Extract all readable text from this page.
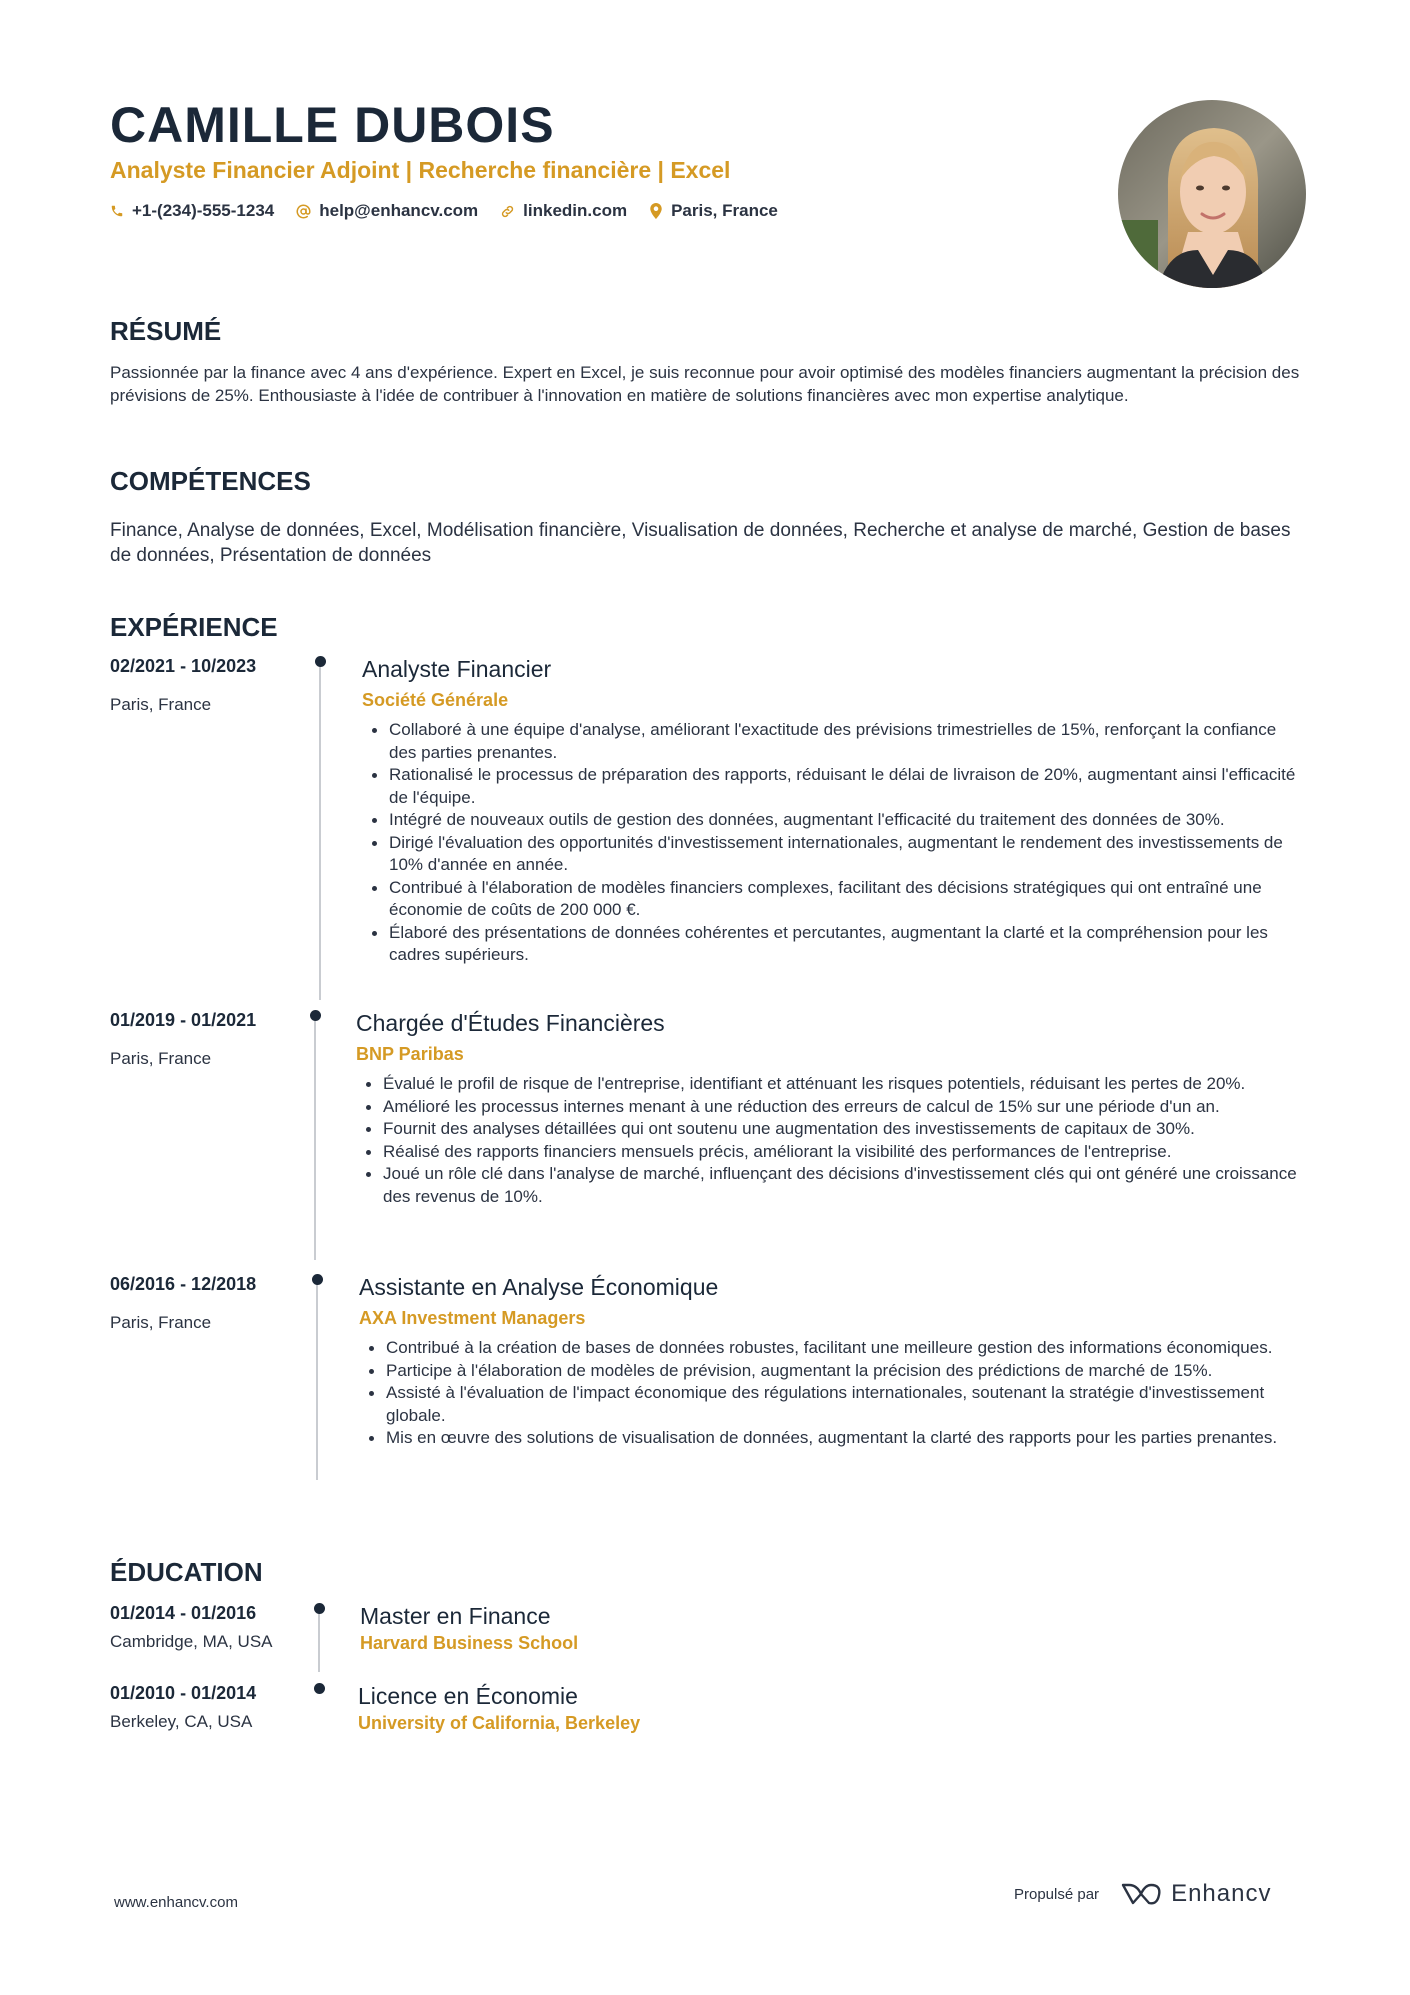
CAMILLE DUBOIS
Analyste Financier Adjoint | Recherche financière | Excel
+1-(234)-555-1234	help@enhancv.com	linkedin.com	Paris, France
RÉSUMÉ
Passionnée par la finance avec 4 ans d'expérience. Expert en Excel, je suis reconnue pour avoir optimisé des modèles financiers augmentant la précision des prévisions de 25%. Enthousiaste à l'idée de contribuer à l'innovation en matière de solutions financières avec mon expertise analytique.
COMPÉTENCES
Finance, Analyse de données, Excel, Modélisation financière, Visualisation de données, Recherche et analyse de marché, Gestion de bases de données, Présentation de données
EXPÉRIENCE
02/2021 - 10/2023
Paris, France
Analyste Financier
Société Générale
Collaboré à une équipe d'analyse, améliorant l'exactitude des prévisions trimestrielles de 15%, renforçant la confiance des parties prenantes.
Rationalisé le processus de préparation des rapports, réduisant le délai de livraison de 20%, augmentant ainsi l'efficacité de l'équipe.
Intégré de nouveaux outils de gestion des données, augmentant l'efficacité du traitement des données de 30%.
Dirigé l'évaluation des opportunités d'investissement internationales, augmentant le rendement des investissements de 10% d'année en année.
Contribué à l'élaboration de modèles financiers complexes, facilitant des décisions stratégiques qui ont entraîné une économie de coûts de 200 000 €.
Élaboré des présentations de données cohérentes et percutantes, augmentant la clarté et la compréhension pour les cadres supérieurs.
01/2019 - 01/2021
Paris, France
Chargée d'Études Financières
BNP Paribas
Évalué le profil de risque de l'entreprise, identifiant et atténuant les risques potentiels, réduisant les pertes de 20%.
Amélioré les processus internes menant à une réduction des erreurs de calcul de 15% sur une période d'un an.
Fournit des analyses détaillées qui ont soutenu une augmentation des investissements de capitaux de 30%.
Réalisé des rapports financiers mensuels précis, améliorant la visibilité des performances de l'entreprise.
Joué un rôle clé dans l'analyse de marché, influençant des décisions d'investissement clés qui ont généré une croissance des revenus de 10%.
06/2016 - 12/2018
Paris, France
Assistante en Analyse Économique
AXA Investment Managers
Contribué à la création de bases de données robustes, facilitant une meilleure gestion des informations économiques.
Participe à l'élaboration de modèles de prévision, augmentant la précision des prédictions de marché de 15%.
Assisté à l'évaluation de l'impact économique des régulations internationales, soutenant la stratégie d'investissement globale.
Mis en œuvre des solutions de visualisation de données, augmentant la clarté des rapports pour les parties prenantes.
ÉDUCATION
01/2014 - 01/2016
Cambridge, MA, USA
Master en Finance
Harvard Business School
01/2010 - 01/2014
Berkeley, CA, USA
Licence en Économie
University of California, Berkeley
www.enhancv.com	Propulsé par	Enhancv
